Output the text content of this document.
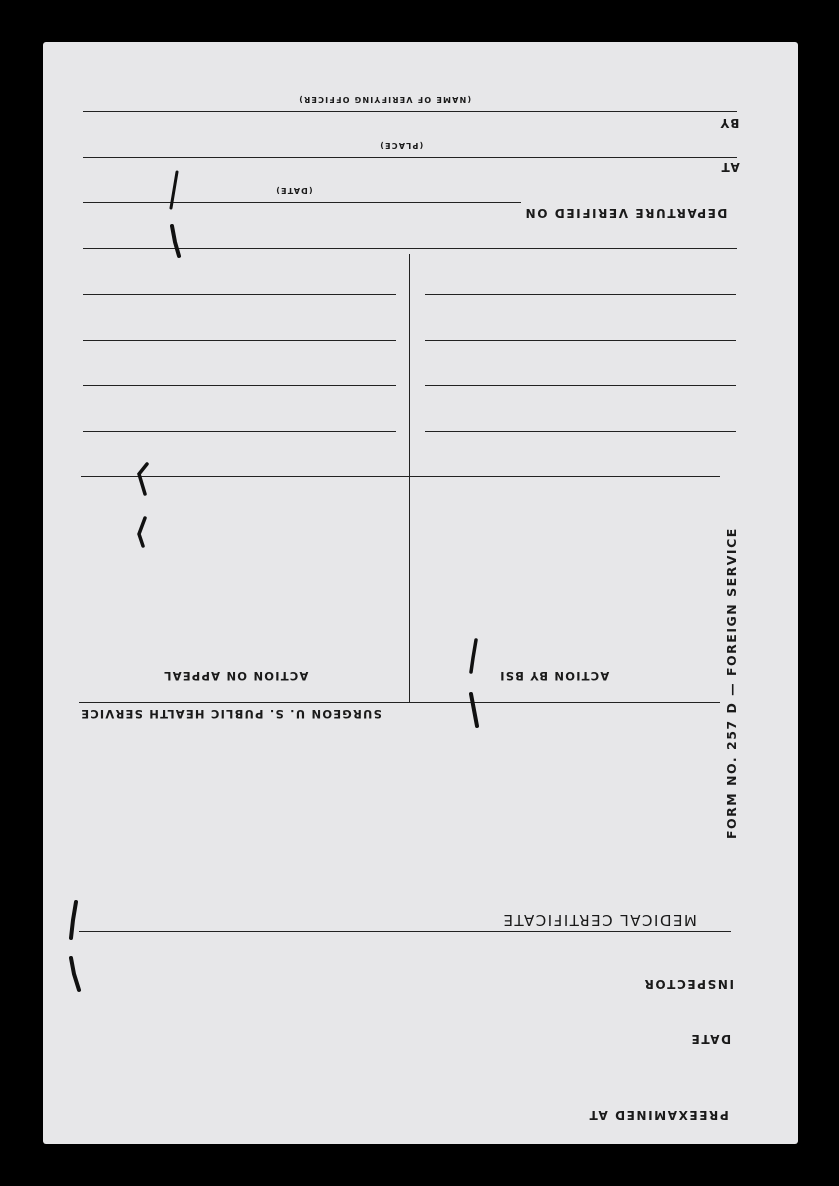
(NAME OF VERIFYING OFFICER)
BY
(PLACE)
AT
(DATE)
DEPARTURE VERIFIED ON
ACTION ON APPEAL	ACTION BY BSI
SURGEON U. S. PUBLIC HEALTH SERVICE	FORM NO. 257 D — FOREIGN SERVICE
MEDICAL CERTIFICATE
INSPECTOR
DATE
PREEXAMINED AT
